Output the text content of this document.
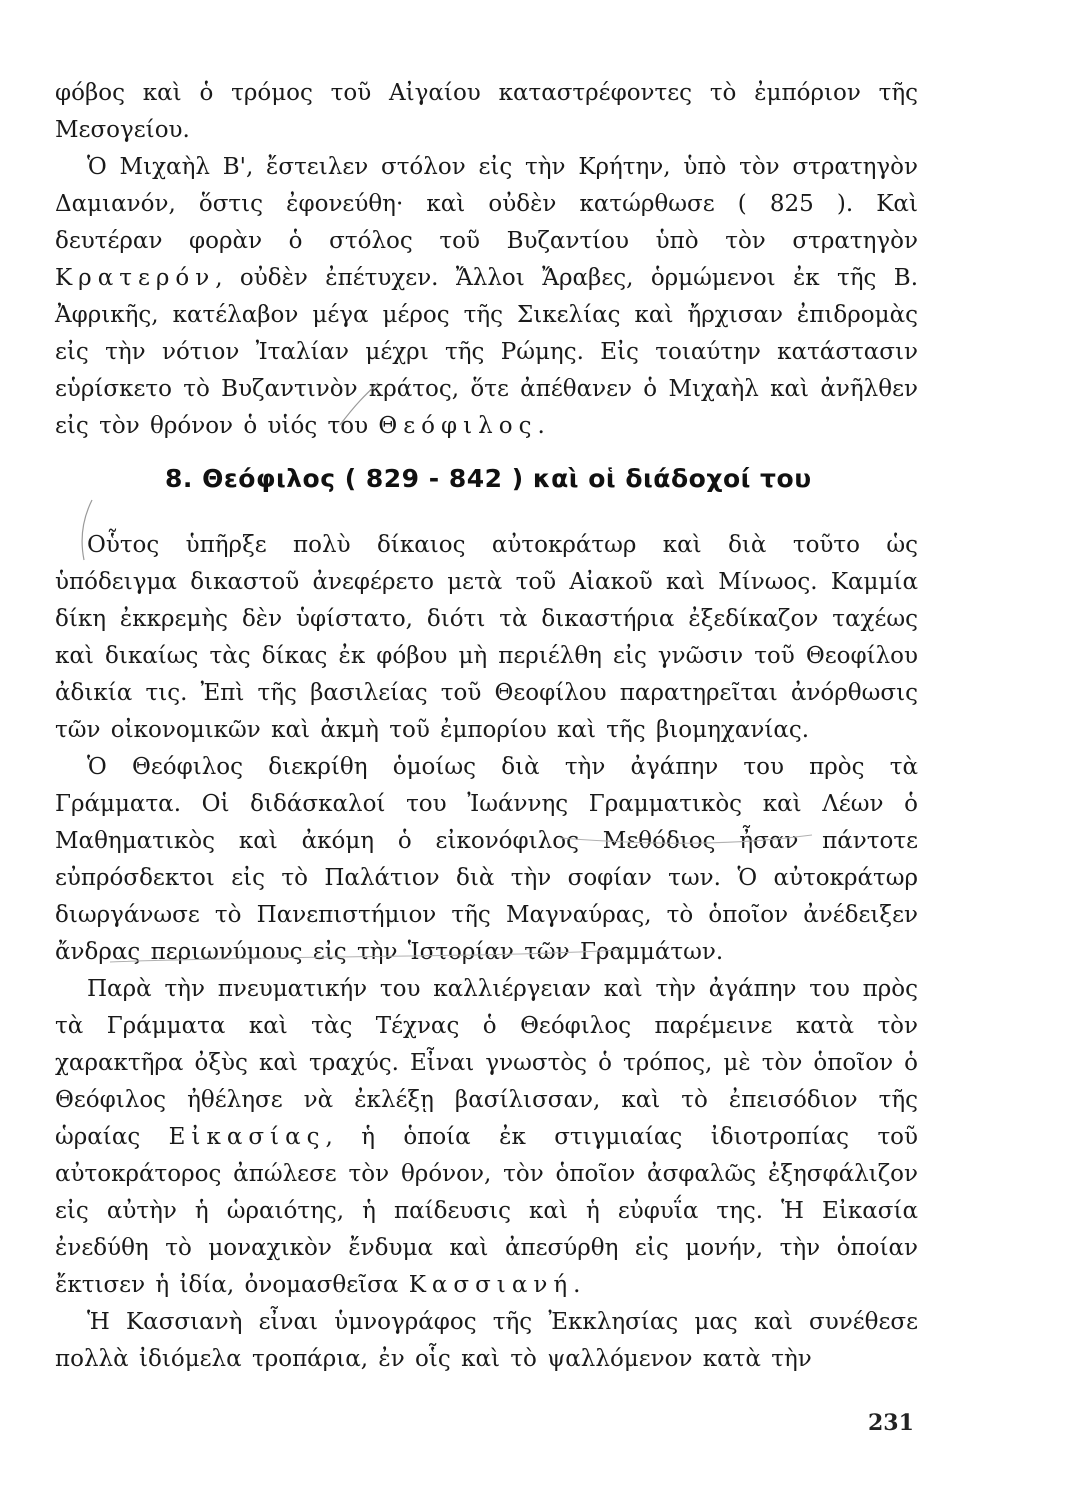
φόβος καὶ ὁ τρόμος τοῦ Αἰγαίου καταστρέφοντες τὸ ἐμπόριον τῆς

Μεσογείου.

Ὁ Μιχαὴλ Β', ἔστειλεν στόλον εἰς τὴν Κρήτην, ὑπὸ τὸν στρατηγὸν Δαμιανόν, ὅστις ἐφονεύθη· καὶ οὐδὲν κατώρθωσε ( 825 ). Καὶ δευτέραν φορὰν ὁ στόλος τοῦ Βυζαντίου ὑπὸ τὸν στρατηγὸν Κρατερόν, οὐδὲν ἐπέτυχεν. Ἄλλοι Ἄραβες, ὁρμώμενοι ἐκ τῆς Β. Ἀφρικῆς, κατέλαβον μέγα μέρος τῆς Σικελίας καὶ ἤρχισαν ἐπιδρομὰς εἰς τὴν νότιον Ἰταλίαν μέχρι τῆς Ρώμης. Εἰς τοιαύτην κατάστασιν εὑρίσκετο τὸ Βυζαντινὸν κράτος, ὅτε ἀπέθανεν ὁ Μιχαὴλ καὶ ἀνῆλθεν εἰς τὸν θρόνον ὁ υἱός του Θεόφιλος.

8. Θεόφιλος ( 829 - 842 ) καὶ οἱ διάδοχοί του

Οὗτος ὑπῆρξε πολὺ δίκαιος αὐτοκράτωρ καὶ διὰ τοῦτο ὡς ὑπόδειγμα δικαστοῦ ἀνεφέρετο μετὰ τοῦ Αἰακοῦ καὶ Μίνωος. Καμμία δίκη ἐκκρεμὴς δὲν ὑφίστατο, διότι τὰ δικαστήρια ἐξεδίκαζον ταχέως καὶ δικαίως τὰς δίκας ἐκ φόβου μὴ περιέλθη εἰς γνῶσιν τοῦ Θεοφίλου ἀδικία τις. Ἐπὶ τῆς βασιλείας τοῦ Θεοφίλου παρατηρεῖται ἀνόρθωσις τῶν οἰκονομικῶν καὶ ἀκμὴ τοῦ ἐμπορίου καὶ τῆς βιομηχανίας.

Ὁ Θεόφιλος διεκρίθη ὁμοίως διὰ τὴν ἀγάπην του πρὸς τὰ Γράμματα. Οἱ διδάσκαλοί του Ἰωάννης Γραμματικὸς καὶ Λέων ὁ Μαθηματικὸς καὶ ἀκόμη ὁ εἰκονόφιλος Μεθόδιος ἦσαν πάντοτε εὐπρόσδεκτοι εἰς τὸ Παλάτιον διὰ τὴν σοφίαν των. Ὁ αὐτοκράτωρ διωργάνωσε τὸ Πανεπιστήμιον τῆς Μαγναύρας, τὸ ὁποῖον ἀνέδειξεν ἄνδρας περιωνύμους εἰς τὴν Ἱστορίαν τῶν Γραμμάτων.

Παρὰ τὴν πνευματικήν του καλλιέργειαν καὶ τὴν ἀγάπην του πρὸς τὰ Γράμματα καὶ τὰς Τέχνας ὁ Θεόφιλος παρέμεινε κατὰ τὸν χαρακτῆρα ὀξὺς καὶ τραχύς. Εἶναι γνωστὸς ὁ τρόπος, μὲ τὸν ὁποῖον ὁ Θεόφιλος ἠθέλησε νὰ ἐκλέξῃ βασίλισσαν, καὶ τὸ ἐπεισόδιον τῆς ὡραίας Εἰκασίας, ἡ ὁποία ἐκ στιγμιαίας ἰδιοτροπίας τοῦ αὐτοκράτορος ἀπώλεσε τὸν θρόνον, τὸν ὁποῖον ἀσφαλῶς ἐξησφάλιζον εἰς αὐτὴν ἡ ὡραιότης, ἡ παίδευσις καὶ ἡ εὐφυΐα της. Ἡ Εἰκασία ἐνεδύθη τὸ μοναχικὸν ἔνδυμα καὶ ἀπεσύρθη εἰς μονήν, τὴν ὁποίαν ἔκτισεν ἡ ἰδία, ὀνομασθεῖσα Κασσιανή.

Ἡ Κασσιανὴ εἶναι ὑμνογράφος τῆς Ἐκκλησίας μας καὶ συνέθεσε πολλὰ ἰδιόμελα τροπάρια, ἐν οἷς καὶ τὸ ψαλλόμενον κατὰ τὴν

231
